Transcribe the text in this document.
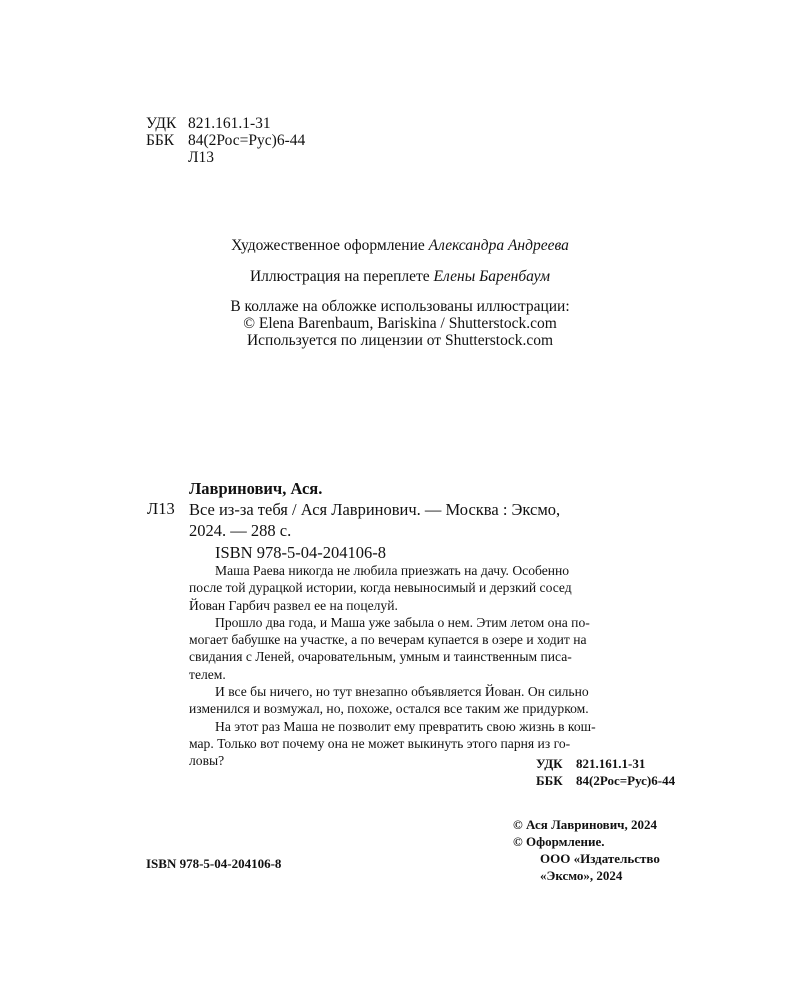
УДК 821.161.1-31
ББК 84(2Рос=Рус)6-44
Л13
Художественное оформление Александра Андреева
Иллюстрация на переплете Елены Баренбаум
В коллаже на обложке использованы иллюстрации:
© Elena Barenbaum, Bariskina / Shutterstock.com
Используется по лицензии от Shutterstock.com
Лавринович, Ася.
Л13 Все из-за тебя / Ася Лавринович. — Москва : Эксмо,
2024. — 288 с.
ISBN 978-5-04-204106-8

Маша Раева никогда не любила приезжать на дачу. Особенно
после той дурацкой истории, когда невыносимый и дерзкий сосед
Йован Гарбич развел ее на поцелуй.

Прошло два года, и Маша уже забыла о нем. Этим летом она по-
могает бабушке на участке, а по вечерам купается в озере и ходит на
свидания с Леней, очаровательным, умным и таинственным писа-
телем.

И все бы ничего, но тут внезапно объявляется Йован. Он сильно
изменился и возмужал, но, похоже, остался все таким же придурком.

На этот раз Маша не позволит ему превратить свою жизнь в кош-
мар. Только вот почему она не может выкинуть этого парня из го-
ловы?	УДК 821.161.1-31
ББК 84(2Рос=Рус)6-44
© Ася Лавринович, 2024
© Оформление.
ООО «Издательство
«Эксмо», 2024
ISBN 978-5-04-204106-8
